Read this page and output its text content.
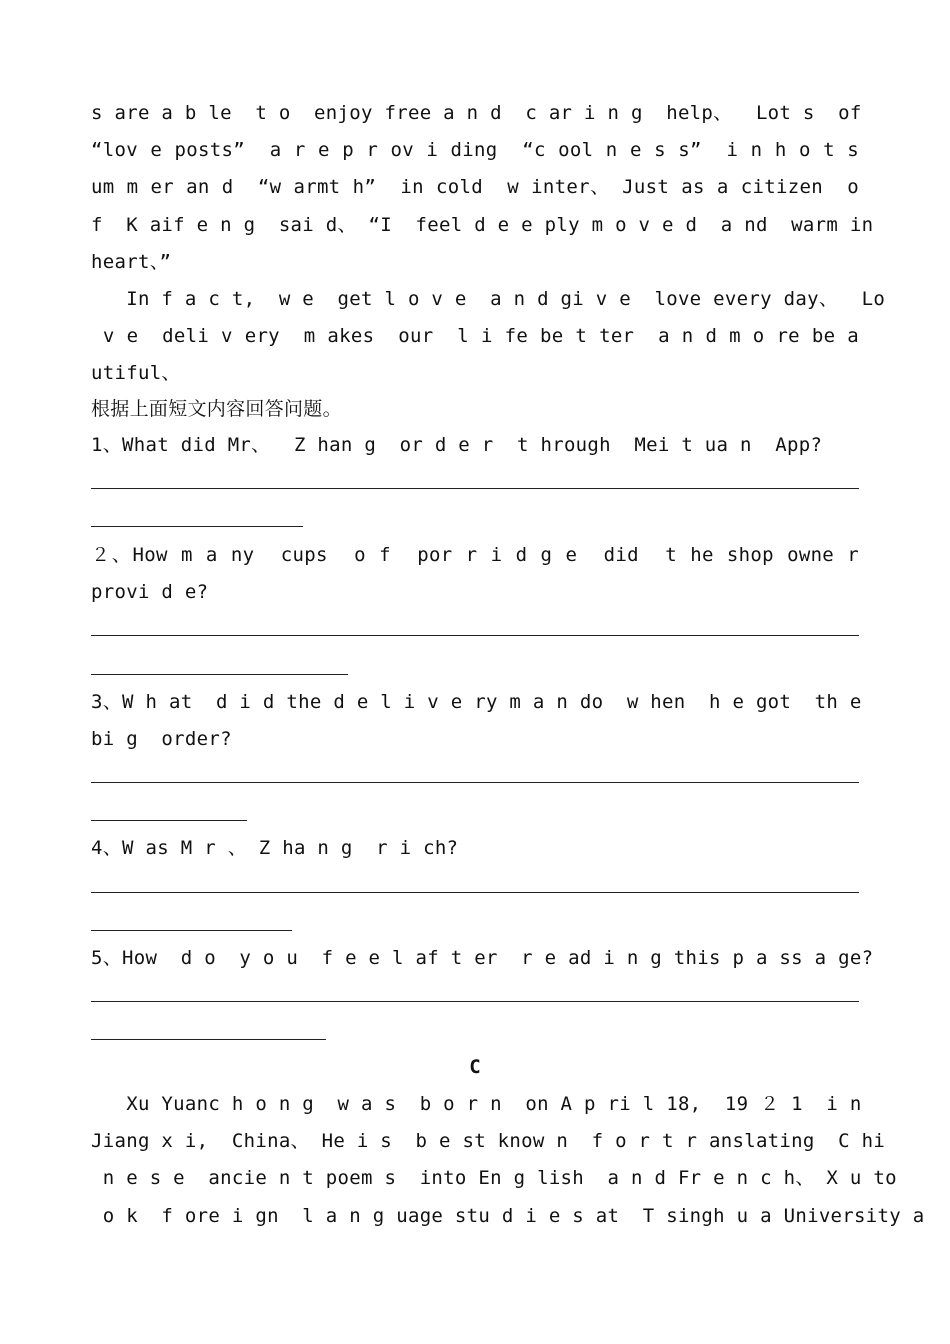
s are a b le  t o  enjoy free a n d  c ar i n g  help、  Lot s  of
“lov e posts”  a r e p r ov i ding  “c ool n e s s”  i n h o t s
um m er an d  “w armt h”  in cold  w inter、 Just as a citizen  o
f  K aif e n g  sai d、 “I  feel d e e ply m o v e d  a nd  warm in
heart、”
In f a c t,  w e  get l o v e  a n d gi v e  love every day、  Lo
v e  deli v ery  m akes  our  l i fe be t ter  a n d m o re be a
utiful、
根据上面短文内容回答问题。
1、What did Mr、  Z han g  or d e r  t hrough  Mei t ua n  App?
２、How m a ny  cups  o f  por r i d g e  did  t he shop owne r
provi d e?
3、W h at  d i d the d e l i v e ry m a n do  w hen  h e got  th e
bi g  order?
4、W as M r 、 Z ha n g  r i ch?
5、How  d o  y o u  f e e l af t er  r e ad i n g this p a ss a ge?
C
Xu Yuanc h o n g  w a s  b o r n  on A p ri l 18,  19 ２ 1  i n
Jiang x i,  China、 He i s  b e st know n  f o r t r anslating  C hi
n e s e  ancie n t poem s  into En g lish  a n d Fr e n c h、 X u to
o k  f ore i gn  l a n g uage stu d i e s at  T singh u a University a
